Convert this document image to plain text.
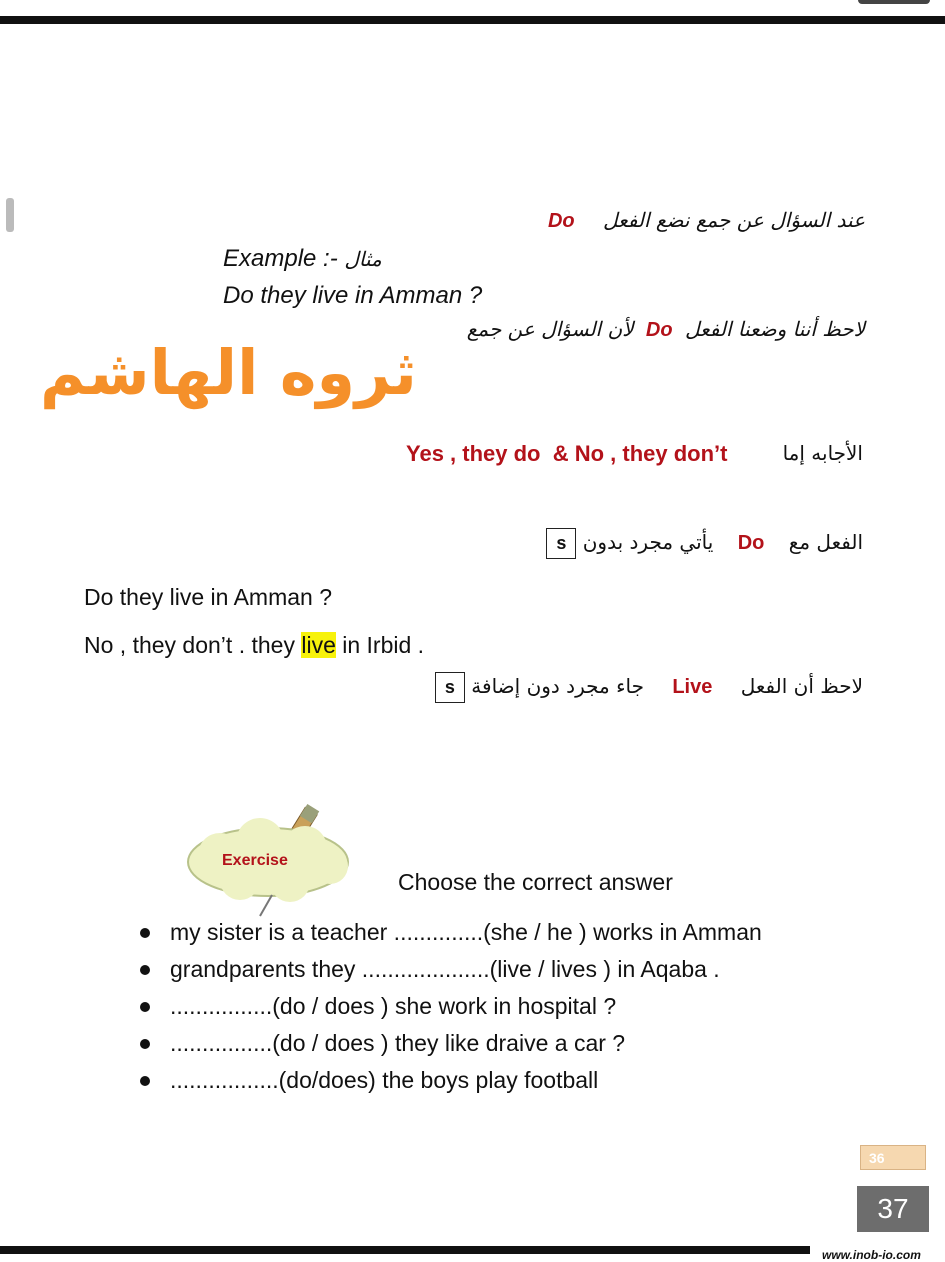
عند السؤال عن جمع نضع الفعل Do
Example :- مثال
Do they live in Amman ?
لاحظ أننا وضعنا الفعل Do لأن السؤال عن جمع
ثروه الهاشم
Yes , they do  & No , they don’t	الأجابه إما
الفعل مع Do يأتي مجرد بدون s
Do they live in Amman ?
No , they don’t . they live in Irbid .
لاحظ أن الفعل Live جاء مجرد دون إضافة s
Exercise
Choose the correct answer
my sister is a teacher ..............(she / he ) works in Amman
grandparents they ....................(live / lives ) in Aqaba .
................(do / does ) she work in hospital ?
................(do / does ) they like draive a car ?
.................(do/does) the boys play football
36
37
www.inob-io.com
